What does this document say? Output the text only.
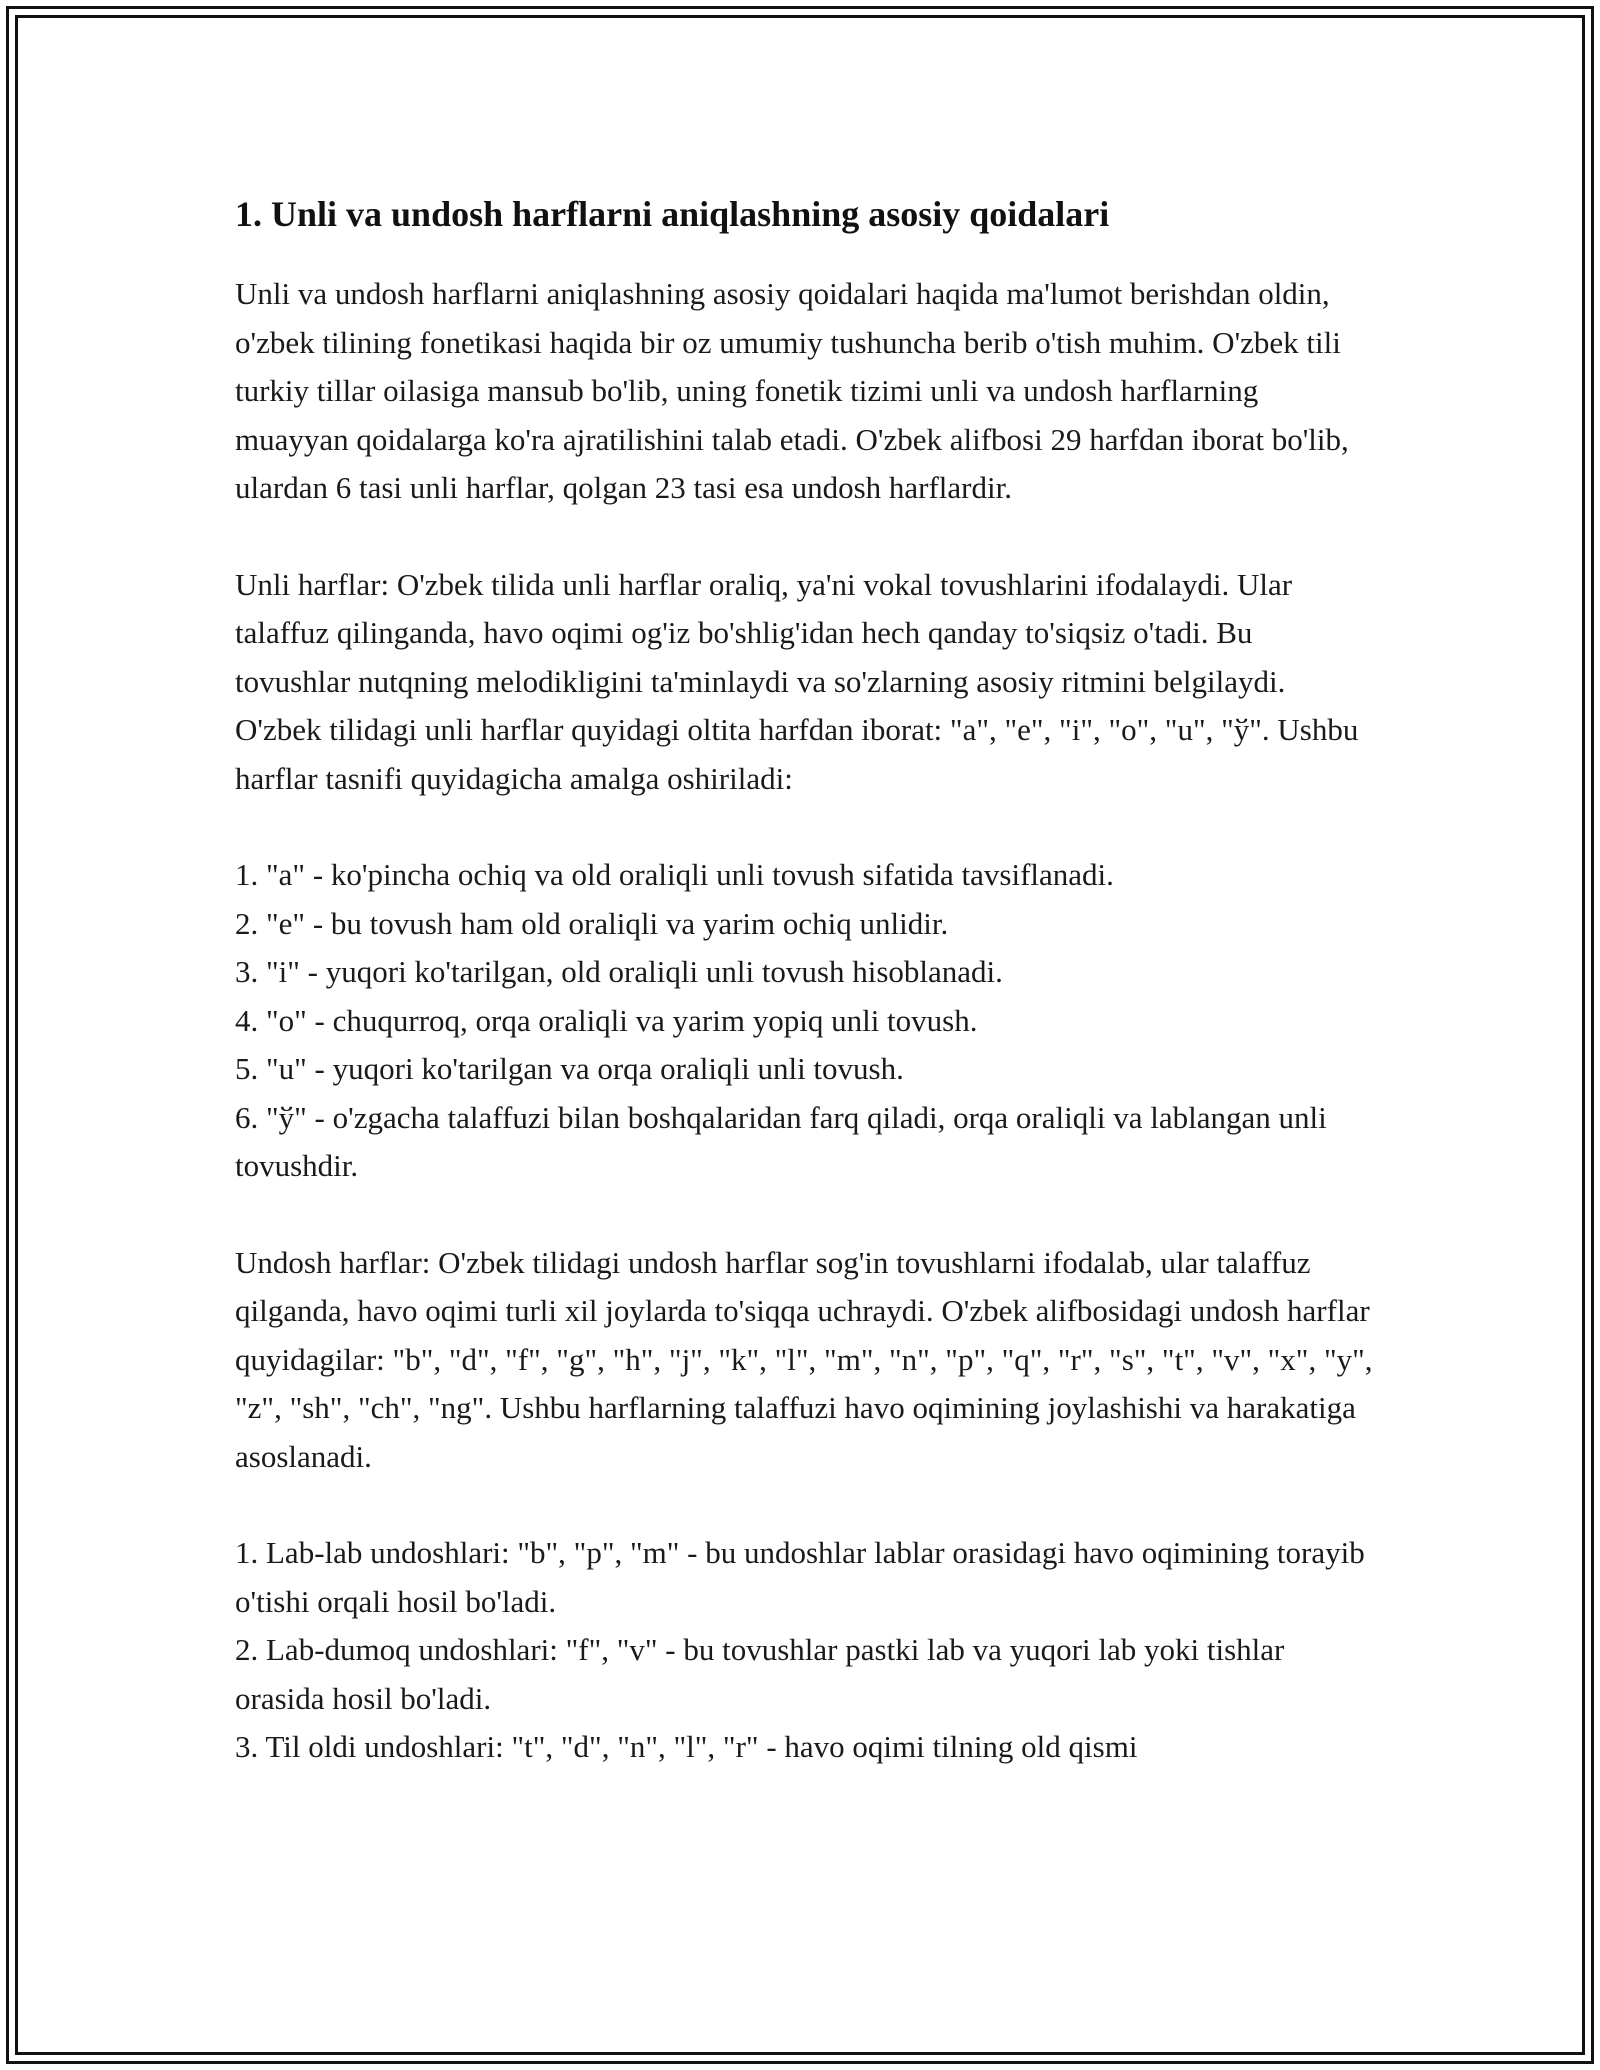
1. Unli va undosh harflarni aniqlashning asosiy qoidalari

Unli va undosh harflarni aniqlashning asosiy qoidalari haqida ma'lumot berishdan oldin, o'zbek tilining fonetikasi haqida bir oz umumiy tushuncha berib o'tish muhim. O'zbek tili turkiy tillar oilasiga mansub bo'lib, uning fonetik tizimi unli va undosh harflarning muayyan qoidalarga ko'ra ajratilishini talab etadi. O'zbek alifbosi 29 harfdan iborat bo'lib, ulardan 6 tasi unli harflar, qolgan 23 tasi esa undosh harflardir.

Unli harflar: O'zbek tilida unli harflar oraliq, ya'ni vokal tovushlarini ifodalaydi. Ular talaffuz qilinganda, havo oqimi og'iz bo'shlig'idan hech qanday to'siqsiz o'tadi. Bu tovushlar nutqning melodikligini ta'minlaydi va so'zlarning asosiy ritmini belgilaydi. O'zbek tilidagi unli harflar quyidagi oltita harfdan iborat: "a", "e", "i", "o", "u", "ў". Ushbu harflar tasnifi quyidagicha amalga oshiriladi:

1. "a" - ko'pincha ochiq va old oraliqli unli tovush sifatida tavsiflanadi.
2. "e" - bu tovush ham old oraliqli va yarim ochiq unlidir.
3. "i" - yuqori ko'tarilgan, old oraliqli unli tovush hisoblanadi.
4. "o" - chuqurroq, orqa oraliqli va yarim yopiq unli tovush.
5. "u" - yuqori ko'tarilgan va orqa oraliqli unli tovush.
6. "ў" - o'zgacha talaffuzi bilan boshqalaridan farq qiladi, orqa oraliqli va lablangan unli tovushdir.

Undosh harflar: O'zbek tilidagi undosh harflar sog'in tovushlarni ifodalab, ular talaffuz qilganda, havo oqimi turli xil joylarda to'siqqa uchraydi. O'zbek alifbosidagi undosh harflar quyidagilar: "b", "d", "f", "g", "h", "j", "k", "l", "m", "n", "p", "q", "r", "s", "t", "v", "x", "y", "z", "sh", "ch", "ng". Ushbu harflarning talaffuzi havo oqimining joylashishi va harakatiga asoslanadi.

1. Lab-lab undoshlari: "b", "p", "m" - bu undoshlar lablar orasidagi havo oqimining torayib o'tishi orqali hosil bo'ladi.
2. Lab-dumoq undoshlari: "f", "v" - bu tovushlar pastki lab va yuqori lab yoki tishlar orasida hosil bo'ladi.
3. Til oldi undoshlari: "t", "d", "n", "l", "r" - havo oqimi tilning old qismi
